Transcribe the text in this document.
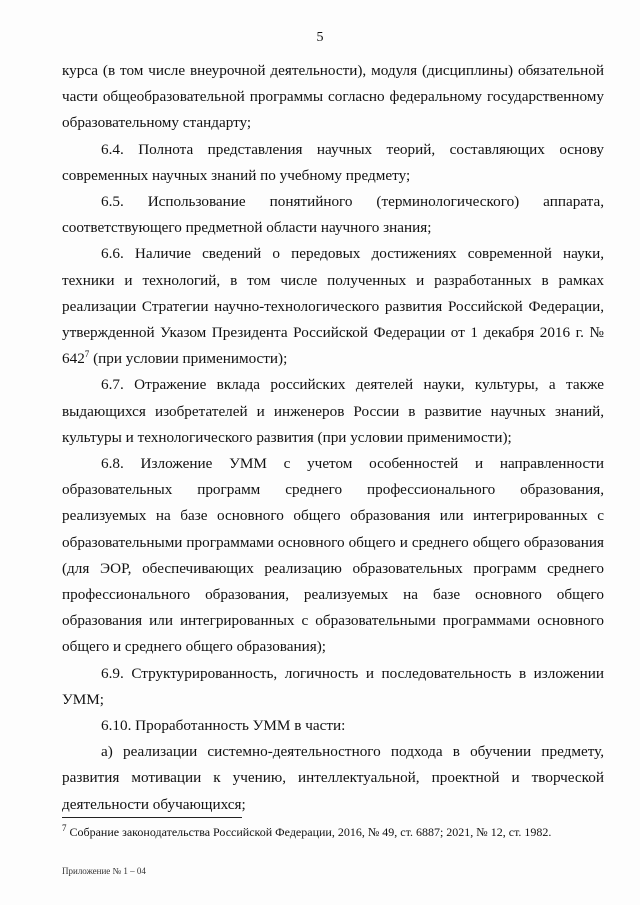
5

курса (в том числе внеурочной деятельности), модуля (дисциплины) обязательной части общеобразовательной программы согласно федеральному государственному образовательному стандарту;

6.4. Полнота представления научных теорий, составляющих основу современных научных знаний по учебному предмету;

6.5. Использование понятийного (терминологического) аппарата, соответствующего предметной области научного знания;

6.6. Наличие сведений о передовых достижениях современной науки, техники и технологий, в том числе полученных и разработанных в рамках реализации Стратегии научно-технологического развития Российской Федерации, утвержденной Указом Президента Российской Федерации от 1 декабря 2016 г. № $642^7$ (при условии применимости);

6.7. Отражение вклада российских деятелей науки, культуры, а также выдающихся изобретателей и инженеров России в развитие научных знаний, культуры и технологического развития (при условии применимости);

6.8. Изложение УММ с учетом особенностей и направленности образовательных программ среднего профессионального образования, реализуемых на базе основного общего образования или интегрированных с образовательными программами основного общего и среднего общего образования (для ЭОР, обеспечивающих реализацию образовательных программ среднего профессионального образования, реализуемых на базе основного общего образования или интегрированных с образовательными программами основного общего и среднего общего образования);

6.9. Структурированность, логичность и последовательность в изложении УММ;

6.10. Проработанность УММ в части:

а) реализации системно-деятельностного подхода в обучении предмету, развития мотивации к учению, интеллектуальной, проектной и творческой деятельности обучающихся;

$^7$ Собрание законодательства Российской Федерации, 2016, № 49, ст. 6887; 2021, № 12, ст. 1982.
Приложение № 1 – 04
